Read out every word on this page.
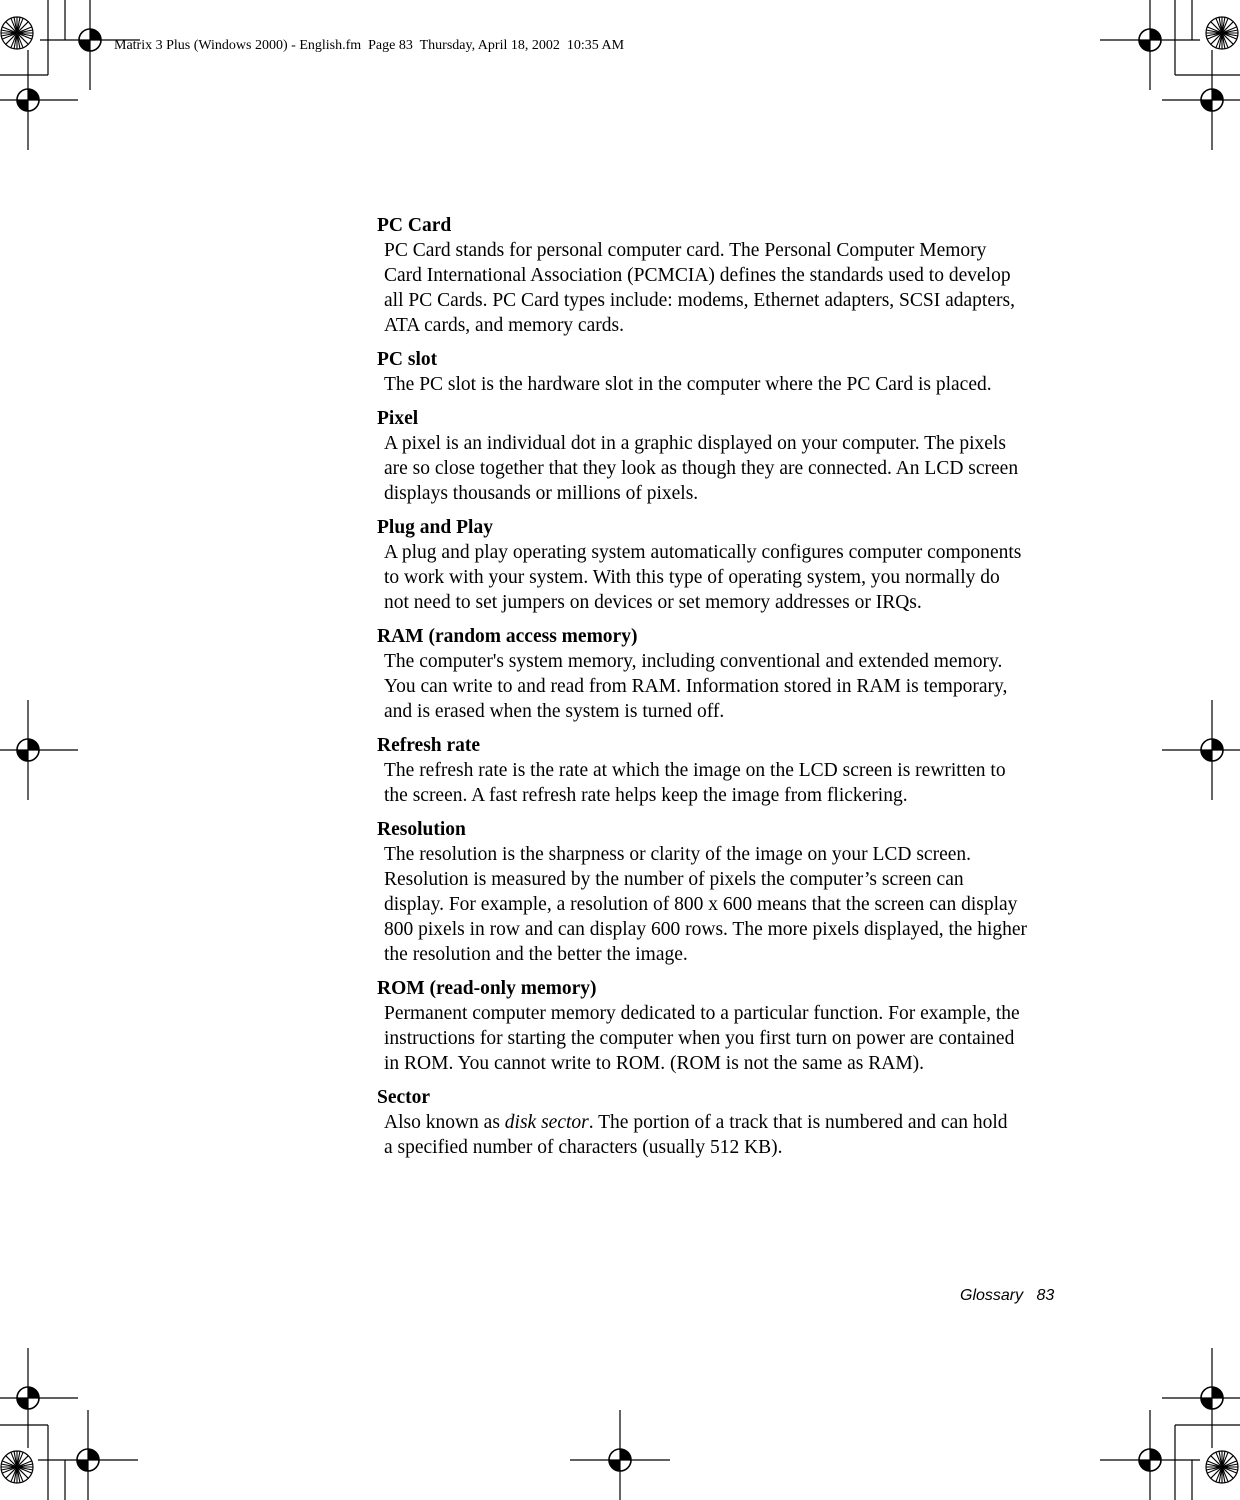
Matrix 3 Plus (Windows 2000) - English.fm  Page 83  Thursday, April 18, 2002  10:35 AM
PC Card
PC Card stands for personal computer card. The Personal Computer Memory
Card International Association (PCMCIA) defines the standards used to develop
all PC Cards. PC Card types include: modems, Ethernet adapters, SCSI adapters,
ATA cards, and memory cards.
PC slot
The PC slot is the hardware slot in the computer where the PC Card is placed.
Pixel
A pixel is an individual dot in a graphic displayed on your computer. The pixels
are so close together that they look as though they are connected. An LCD screen
displays thousands or millions of pixels.
Plug and Play
A plug and play operating system automatically configures computer components
to work with your system. With this type of operating system, you normally do
not need to set jumpers on devices or set memory addresses or IRQs.
RAM (random access memory)
The computer's system memory, including conventional and extended memory.
You can write to and read from RAM. Information stored in RAM is temporary,
and is erased when the system is turned off.
Refresh rate
The refresh rate is the rate at which the image on the LCD screen is rewritten to
the screen. A fast refresh rate helps keep the image from flickering.
Resolution
The resolution is the sharpness or clarity of the image on your LCD screen.
Resolution is measured by the number of pixels the computer’s screen can
display. For example, a resolution of 800 x 600 means that the screen can display
800 pixels in row and can display 600 rows. The more pixels displayed, the higher
the resolution and the better the image.
ROM (read-only memory)
Permanent computer memory dedicated to a particular function. For example, the
instructions for starting the computer when you first turn on power are contained
in ROM. You cannot write to ROM. (ROM is not the same as RAM).
Sector
Also known as disk sector. The portion of a track that is numbered and can hold
a specified number of characters (usually 512 KB).
Glossary 83
